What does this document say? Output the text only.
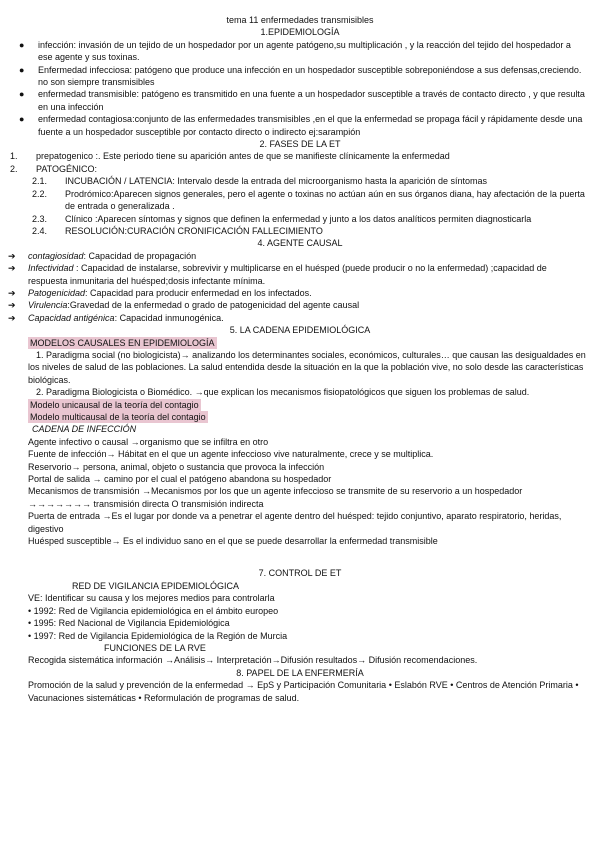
tema 11 enfermedades transmisibles
1.EPIDEMIOLOGÍA
● infección: invasión de un tejido de un hospedador por un agente patógeno,su multiplicación , y la reacción del tejido del hospedador a ese agente y sus toxinas.
● Enfermedad infecciosa: patógeno que produce una infección en un hospedador susceptible sobreponiéndose a sus defensas,creciendo. no son siempre transmisibles
● enfermedad transmisible: patógeno es transmitido en una fuente a un hospedador susceptible a través de contacto directo , y que resulta en una infección
● enfermedad contagiosa:conjunto de las enfermedades transmisibles ,en el que la enfermedad se propaga fácil y rápidamente desde una fuente a un hospedador susceptible por contacto directo o indirecto ej:sarampión
2. FASES DE LA ET
1. prepatogenico :. Este periodo tiene su aparición antes de que se manifieste clínicamente la enfermedad
2. PATOGÉNICO:
2.1. INCUBACIÓN / LATENCIA: Intervalo desde la entrada del microorganismo hasta la aparición de síntomas
2.2. Prodrómico:Aparecen signos generales, pero el agente o toxinas no actúan aún en sus órganos diana, hay afectación de la puerta de entrada o generalizada .
2.3. Clínico :Aparecen síntomas y signos que definen la enfermedad y junto a los datos analíticos permiten diagnosticarla
2.4. RESOLUCIÓN:CURACIÓN CRONIFICACIÓN FALLECIMIENTO
4. AGENTE CAUSAL
➔ contagiosidad: Capacidad de propagación
➔ Infectividad : Capacidad de instalarse, sobrevivir y multiplicarse en el huésped (puede producir o no la enfermedad) ;capacidad de respuesta inmunitaria del huésped;dosis infectante mínima.
➔ Patogenicidad: Capacidad para producir enfermedad en los infectados.
➔ Virulencia:Gravedad de la enfermedad o grado de patogenicidad del agente causal
➔ Capacidad antigénica: Capacidad inmunogénica.
5. LA CADENA EPIDEMIOLÓGICA
MODELOS CAUSALES EN EPIDEMIOLOGÍA
1. Paradigma social (no biologicista)→ analizando los determinantes sociales, económicos, culturales… que causan las desigualdades en los niveles de salud de las poblaciones. La salud entendida desde la situación en la que la población vive, no solo desde las características biológicas.
2. Paradigma Biologicista o Biomédico. →que explican los mecanismos fisiopatológicos que siguen los problemas de salud.
Modelo unicausal de la teoría del contagio
Modelo multicausal de la teoría del contagio
CADENA DE INFECCIÓN
Agente infectivo o causal →organismo que se infiltra en otro
Fuente de infección→ Hábitat en el que un agente infeccioso vive naturalmente, crece y se multiplica.
Reservorio→ persona, animal, objeto o sustancia que provoca la infección
Portal de salida → camino por el cual el patógeno abandona su hospedador
Mecanismos de transmisión →Mecanismos por los que un agente infeccioso se transmite de su reservorio a un hospedador →→→→→→→ transmisión directa O transmisión indirecta
Puerta de entrada →Es el lugar por donde va a penetrar el agente dentro del huésped: tejido conjuntivo, aparato respiratorio, heridas, digestivo
Huésped susceptible→ Es el individuo sano en el que se puede desarrollar la enfermedad transmisible
7. CONTROL DE ET
RED DE VIGILANCIA EPIDEMIOLÓGICA
VE: Identificar su causa y los mejores medios para controlarla
• 1992: Red de Vigilancia epidemiológica en el ámbito europeo
• 1995: Red Nacional de Vigilancia Epidemiológica
• 1997: Red de Vigilancia Epidemiológica de la Región de Murcia
FUNCIONES DE LA RVE
Recogida sistemática información →Análisis→ Interpretación→Difusión resultados→ Difusión recomendaciones.
8. PAPEL DE LA ENFERMERÍA
Promoción de la salud y prevención de la enfermedad → EpS y Participación Comunitaria • Eslabón RVE • Centros de Atención Primaria • Vacunaciones sistemáticas • Reformulación de programas de salud.
